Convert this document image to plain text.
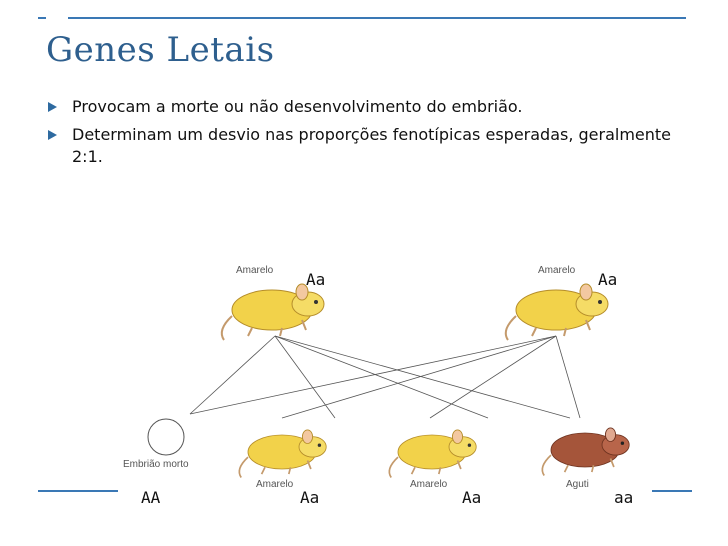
Genes Letais
Provocam a morte ou não desenvolvimento do embrião.
Determinam um desvio nas proporções fenotípicas esperadas, geralmente 2:1.
Amarelo Aa	Amarelo Aa
Embrião morto
AA
Amarelo
Aa
Amarelo
Aa
Aguti
aa
